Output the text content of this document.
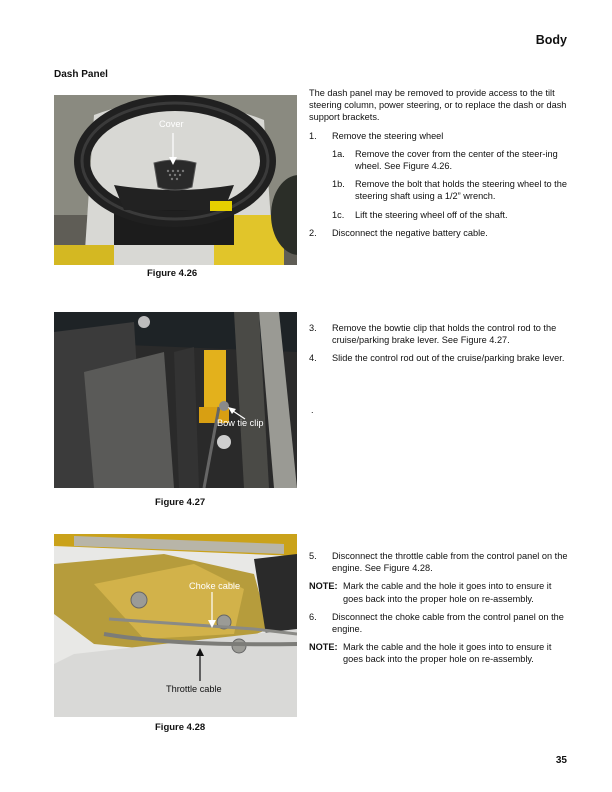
Body
Dash Panel
Cover
Figure 4.26
The dash panel may be removed to provide access to the tilt steering column, power steering, or to replace the dash or dash support brackets.
1.	Remove the steering wheel
1a.	Remove the cover from the center of the steer-ing wheel. See Figure 4.26.
1b.	Remove the bolt that holds the steering wheel to the steering shaft using a 1/2” wrench.
1c.	Lift the steering wheel off of the shaft.
2.	Disconnect the negative battery cable.
Bow tie clip
Figure 4.27
3.	Remove the bowtie clip that holds the control rod to the cruise/parking brake lever. See Figure 4.27.
4.	Slide the control rod out of the cruise/parking brake lever.
.
Choke cable
Throttle cable
Figure 4.28
5.	Disconnect the throttle cable from the control panel on the engine. See Figure 4.28.
NOTE: Mark the cable and the hole it goes into to ensure it goes back into the proper hole on re-assembly.
6.	Disconnect the choke cable from the control panel on the engine.
NOTE: Mark the cable and the hole it goes into to ensure it goes back into the proper hole on re-assembly.
35
